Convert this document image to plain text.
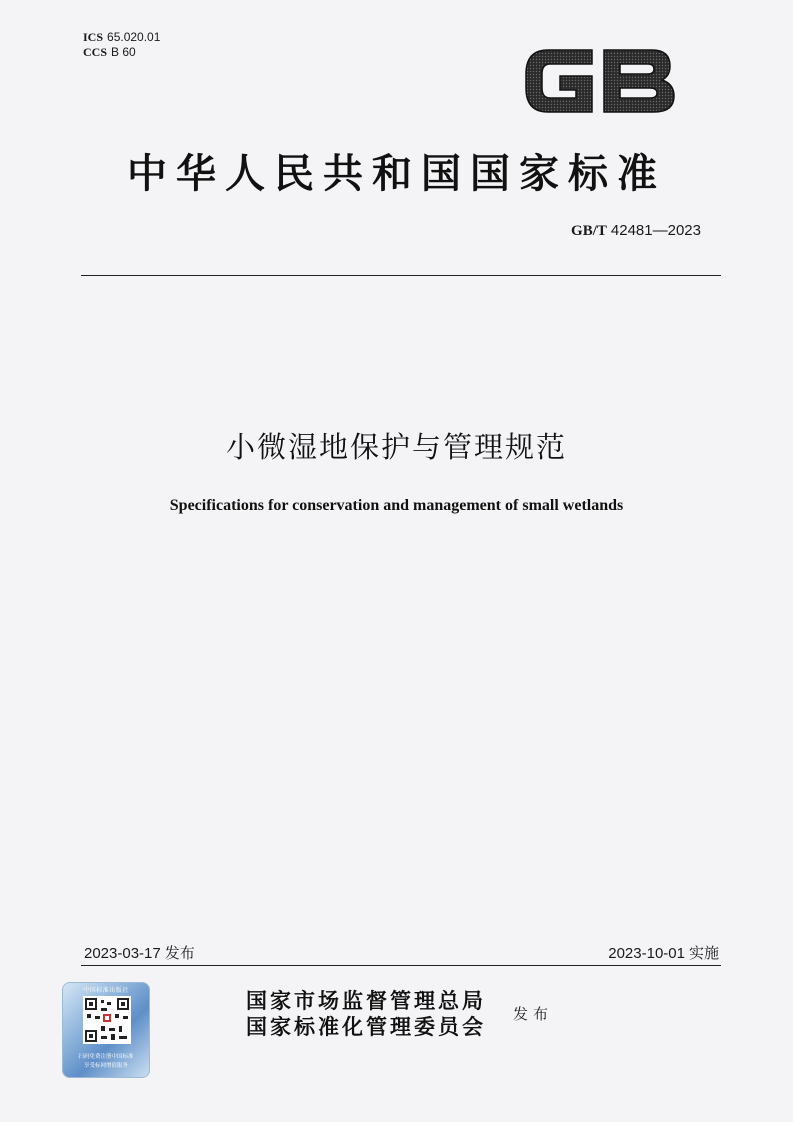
ICS 65.020.01
CCS B 60
GB
中华人民共和国国家标准
GB/T 42481—2023
小微湿地保护与管理规范
Specifications for conservation and management of small wetlands
2023-03-17 发布	2023-10-01 实施
中国标准出版社
扫码免费注册中国标准
享受标网增值服务
国家市场监督管理总局
国家标准化管理委员会
发布
